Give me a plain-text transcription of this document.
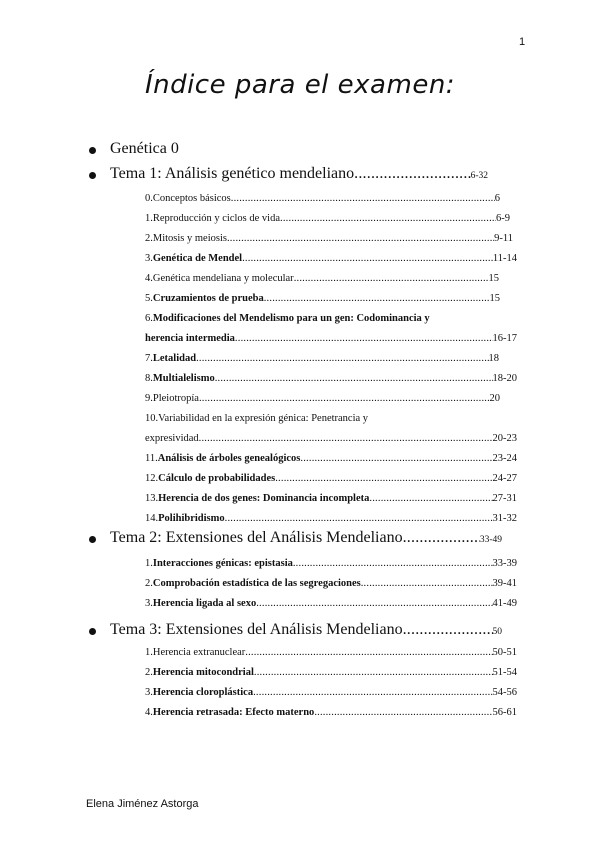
1
Índice para el examen:
Genética 0
Tema 1: Análisis genético mendeliano .....	6-32
0. Conceptos básicos .....	6
1. Reproducción y ciclos de vida .....	6-9
2. Mitosis y meiosis .....	9-11
3. Genética de Mendel .....	11-14
4. Genética mendeliana y molecular .....	15
5. Cruzamientos de prueba .....	15
6. Modificaciones del Mendelismo para un gen: Codominancia y
herencia intermedia .....	16-17
7. Letalidad .....	18
8. Multialelismo .....	18-20
9. Pleiotropía .....	20
10. Variabilidad en la expresión génica: Penetrancia y
expresividad .....	20-23
11. Análisis de árboles genealógicos .....	23-24
12. Cálculo de probabilidades .....	24-27
13. Herencia de dos genes: Dominancia incompleta .....	27-31
14. Polihibridismo .....	31-32
Tema 2: Extensiones del Análisis Mendeliano .....	33-49
1. Interacciones génicas: epistasia .....	33-39
2. Comprobación estadística de las segregaciones .....	39-41
3. Herencia ligada al sexo .....	41-49
Tema 3: Extensiones del Análisis Mendeliano .....	50
1. Herencia extranuclear .....	50-51
2. Herencia mitocondrial .....	51-54
3. Herencia cloroplástica .....	54-56
4. Herencia retrasada: Efecto materno .....	56-61
Elena Jiménez Astorga
